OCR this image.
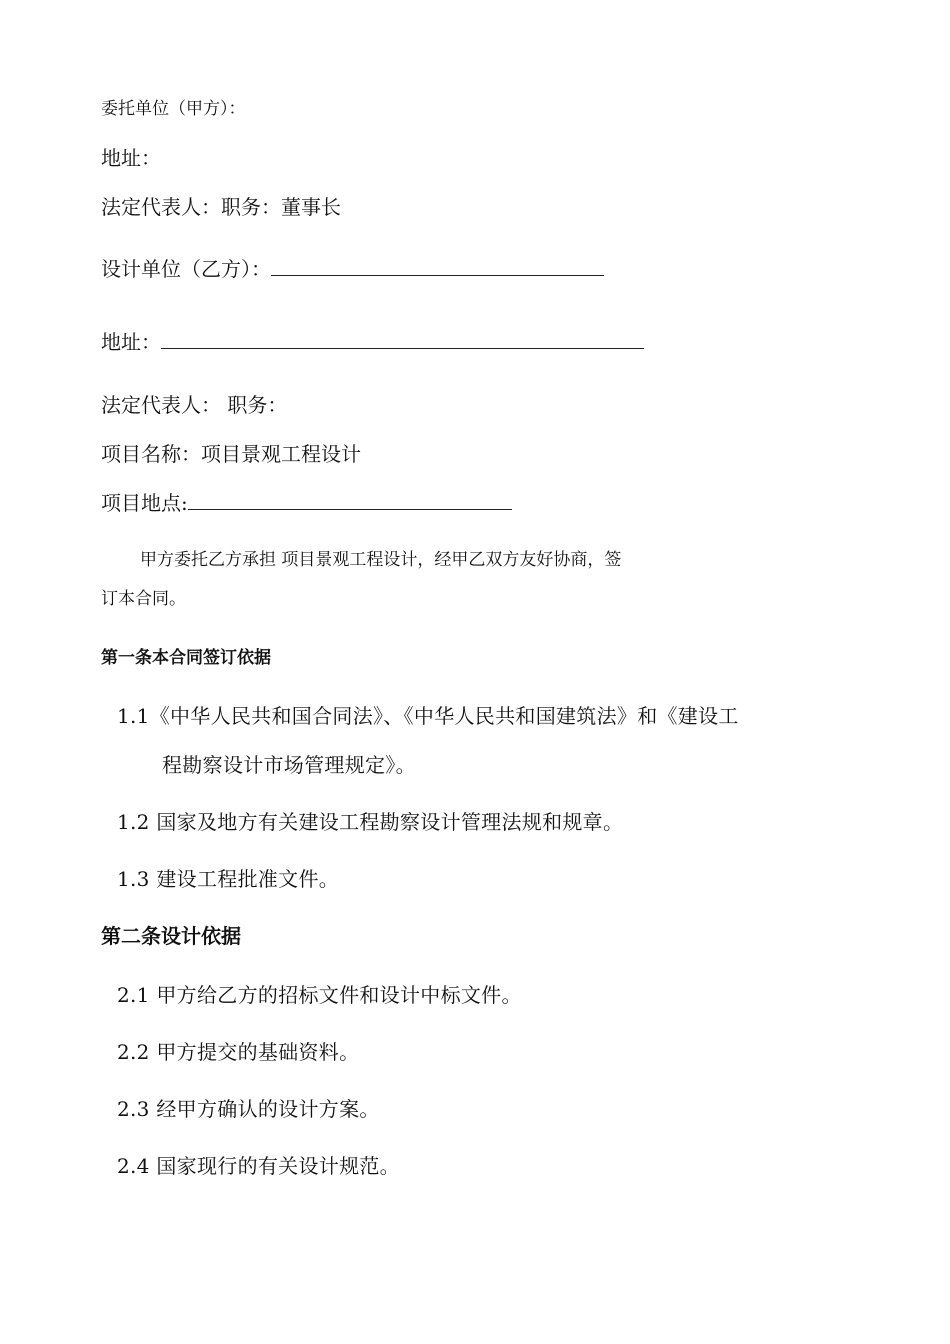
委托单位（甲方）：
地址：
法定代表人：职务：董事长
设计单位（乙方）：
地址：
法定代表人： 职务：
项目名称：项目景观工程设计
项目地点:
甲方委托乙方承担 项目景观工程设计，经甲乙双方友好协商，签
订本合同。
第一条本合同签订依据
1.1《中华人民共和国合同法》、《中华人民共和国建筑法》和《建设工
程勘察设计市场管理规定》。
1.2 国家及地方有关建设工程勘察设计管理法规和规章。
1.3 建设工程批准文件。
第二条设计依据
2.1 甲方给乙方的招标文件和设计中标文件。
2.2 甲方提交的基础资料。
2.3 经甲方确认的设计方案。
2.4 国家现行的有关设计规范。
